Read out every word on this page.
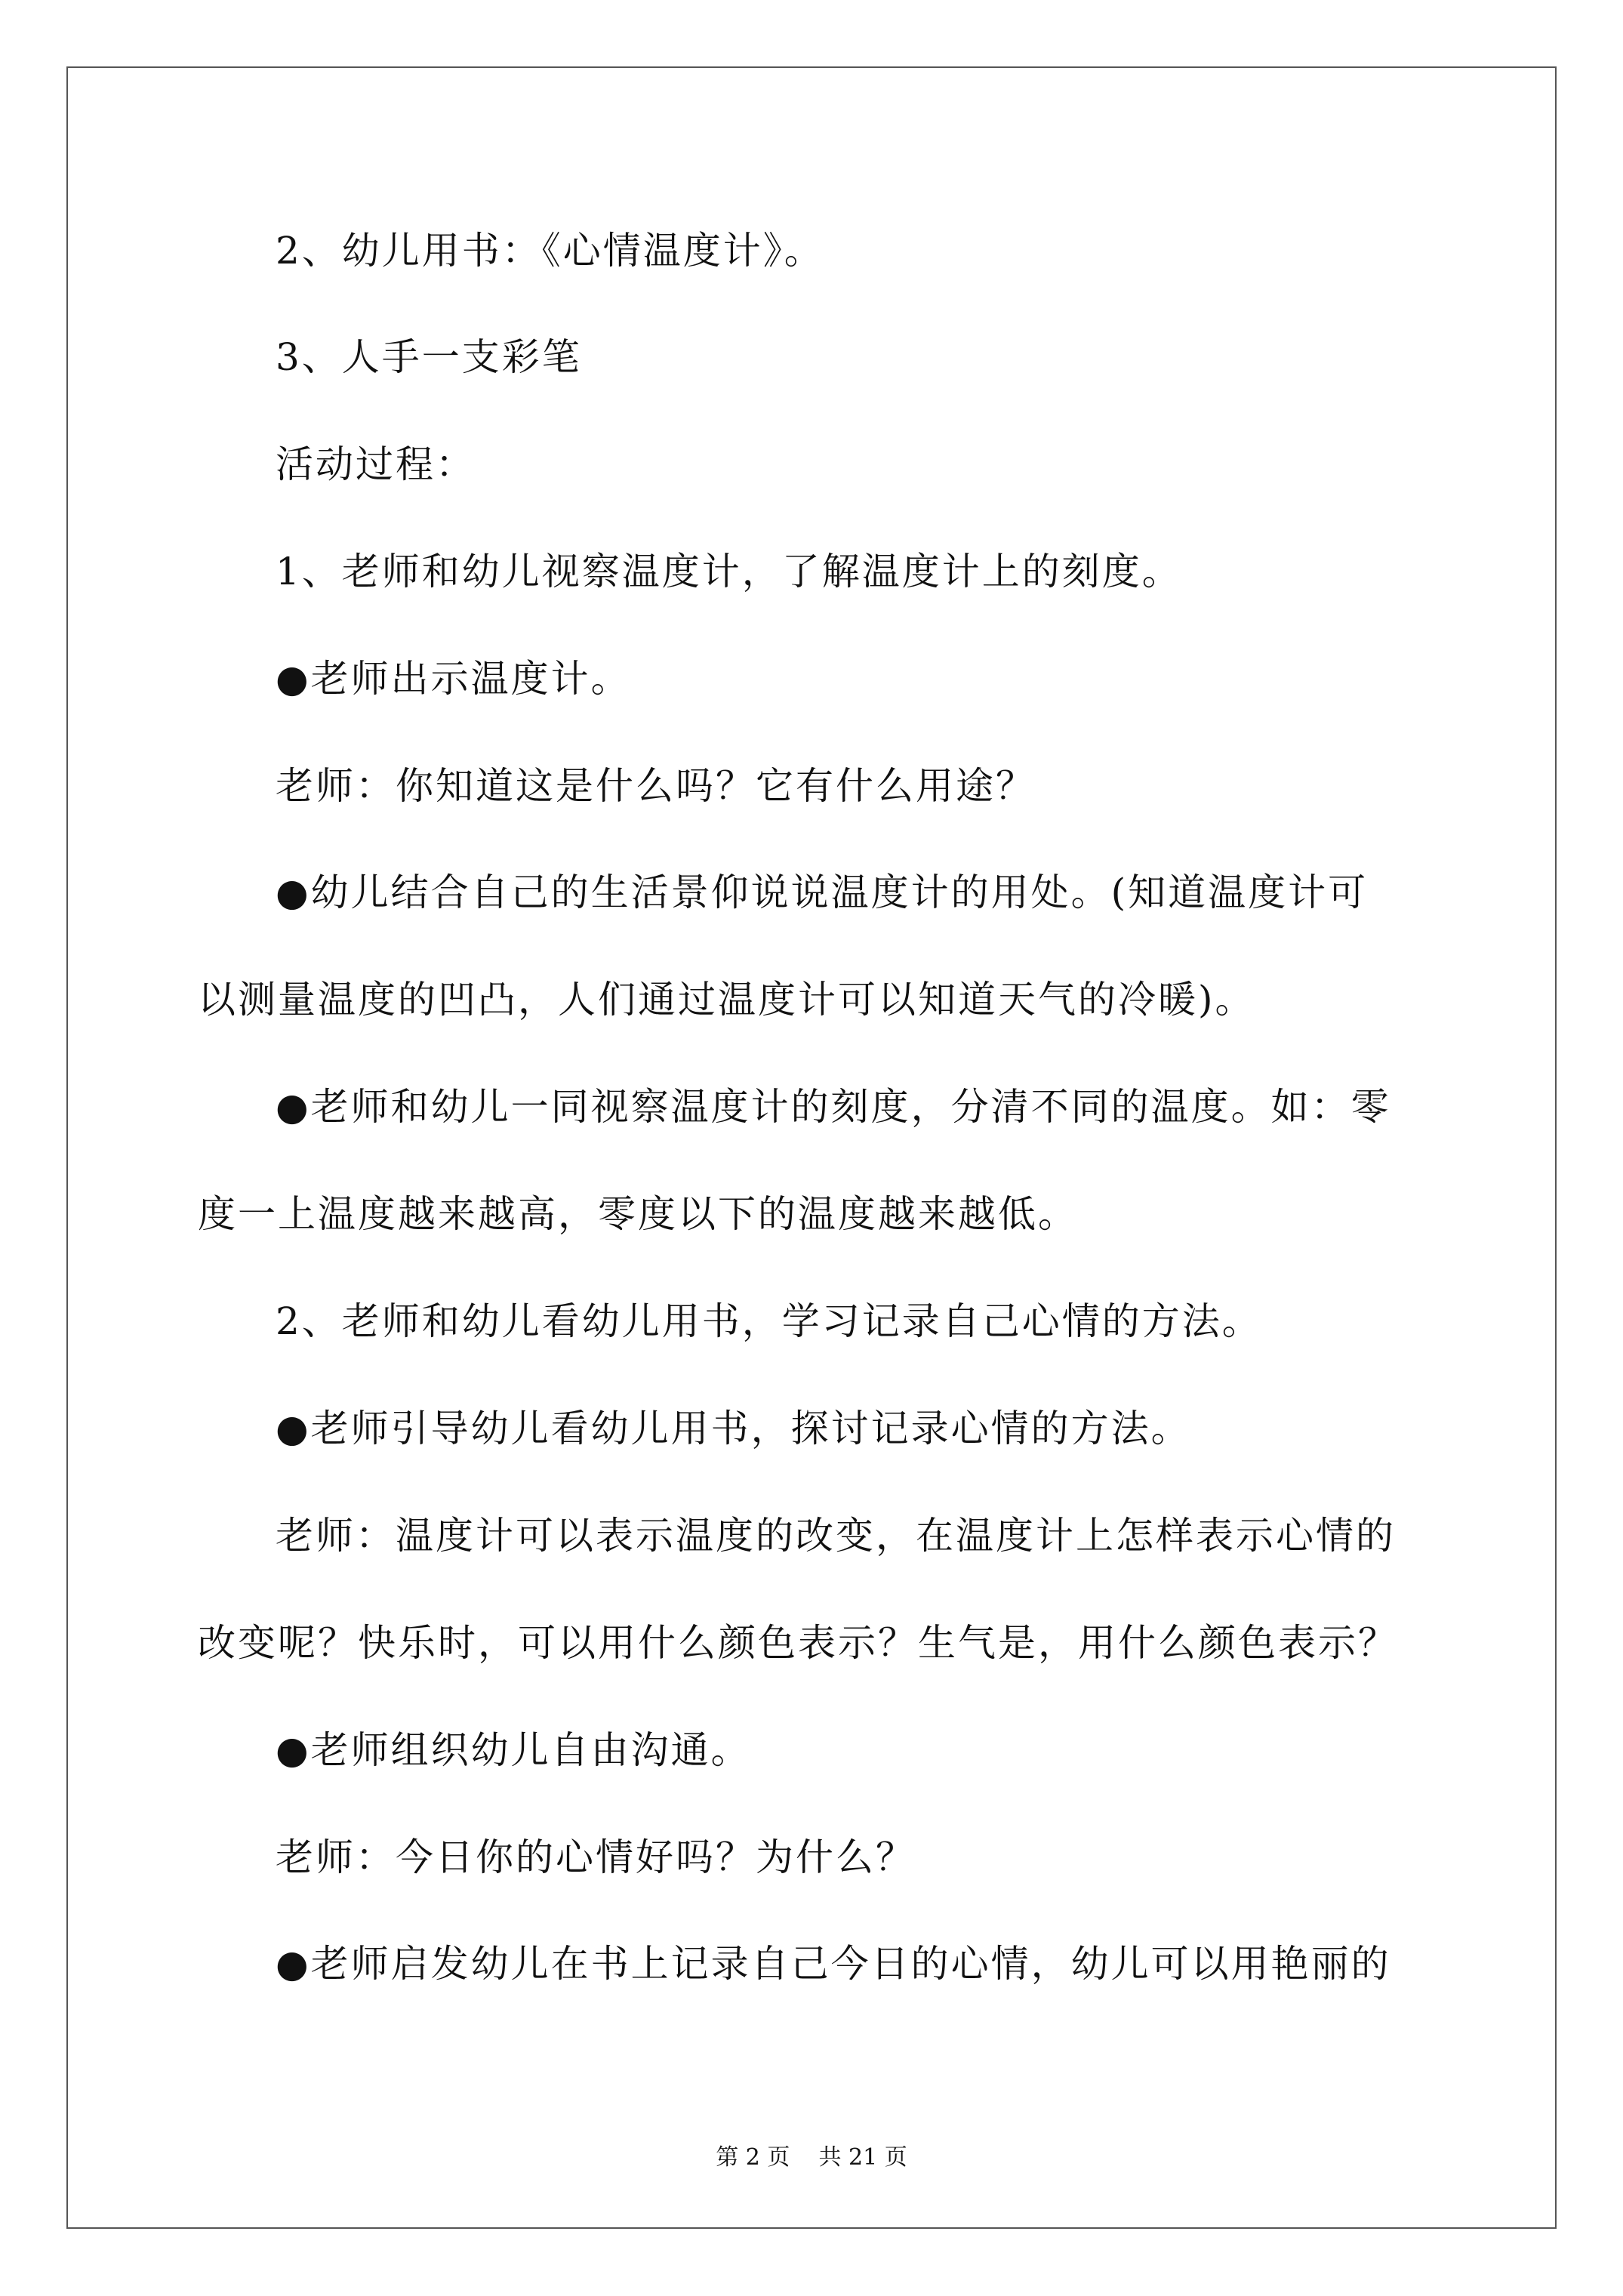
2、幼儿用书：《心情温度计》。
3、人手一支彩笔
活动过程：
1、老师和幼儿视察温度计，了解温度计上的刻度。
●老师出示温度计。
老师：你知道这是什么吗？它有什么用途？
●幼儿结合自己的生活景仰说说温度计的用处。(知道温度计可
以测量温度的凹凸，人们通过温度计可以知道天气的冷暖)。
●老师和幼儿一同视察温度计的刻度，分清不同的温度。如：零
度一上温度越来越高，零度以下的温度越来越低。
2、老师和幼儿看幼儿用书，学习记录自己心情的方法。
●老师引导幼儿看幼儿用书，探讨记录心情的方法。
老师：温度计可以表示温度的改变，在温度计上怎样表示心情的
改变呢？快乐时，可以用什么颜色表示？生气是，用什么颜色表示？
●老师组织幼儿自由沟通。
老师：今日你的心情好吗？为什么？
●老师启发幼儿在书上记录自己今日的心情，幼儿可以用艳丽的
第 2 页    共 21 页
